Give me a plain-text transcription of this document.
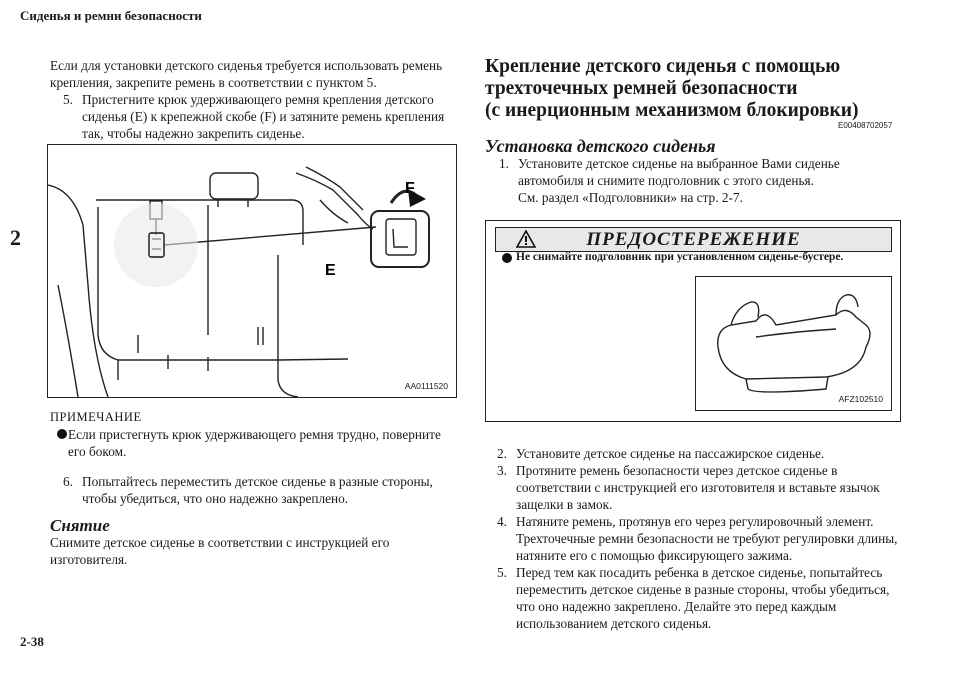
Сиденья и ремни безопасности
2
2-38
Если для установки детского сиденья требуется использовать ремень крепления, закрепите ремень в соответствии с пунктом 5.
5. Пристегните крюк удерживающего ремня крепления детского сиденья (E) к крепежной скобе (F) и затяните ремень крепления так, чтобы надежно закрепить сиденье.
F
E
AA0111520
ПРИМЕЧАНИЕ
Если пристегнуть крюк удерживающего ремня трудно, поверните его боком.
6. Попытайтесь переместить детское сиденье в разные стороны, чтобы убедиться, что оно надежно закреплено.
Снятие
Снимите детское сиденье в соответствии с инструкцией его изготовителя.
Крепление детского сиденья с помощью
трехточечных ремней безопасности
(с инерционным механизмом блокировки)
E00408702057
Установка детского сиденья
1. Установите детское сиденье на выбранное Вами сиденье автомобиля и снимите подголовник с этого сиденья.
См. раздел «Подголовники» на стр. 2-7.
ПРЕДОСТЕРЕЖЕНИЕ
Не снимайте подголовник при установленном сиденье-бустере.
AFZ102510
2. Установите детское сиденье на пассажирское сиденье.
3. Протяните ремень безопасности через детское сиденье в соответствии с инструкцией его изготовителя и вставьте язычок защелки в замок.
4. Натяните ремень, протянув его через регулировочный элемент. Трехточечные ремни безопасности не требуют регулировки длины, натяните его с помощью фиксирующего зажима.
5. Перед тем как посадить ребенка в детское сиденье, попытайтесь переместить детское сиденье в разные стороны, чтобы убедиться, что оно надежно закреплено. Делайте это перед каждым использованием детского сиденья.
